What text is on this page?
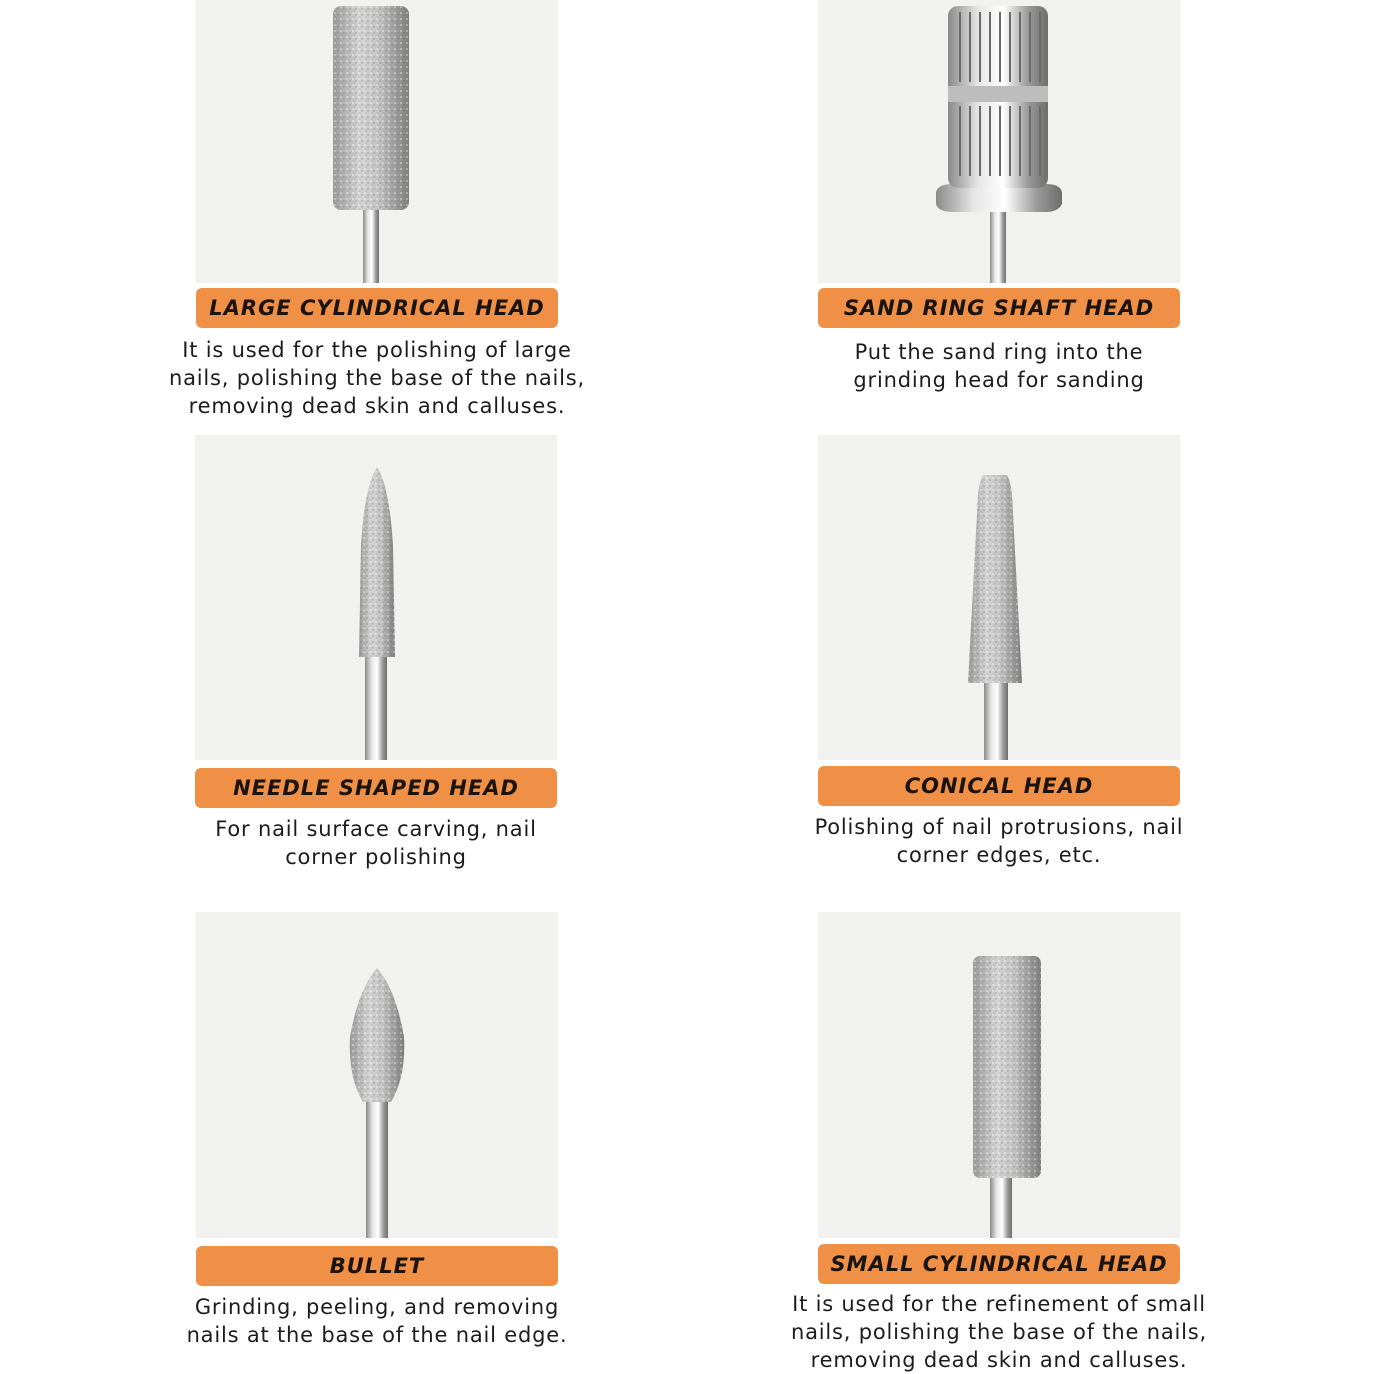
LARGE CYLINDRICAL HEAD
It is used for the polishing of large
nails, polishing the base of the nails,
removing dead skin and calluses.
SAND RING SHAFT HEAD
Put the sand ring into the
grinding head for sanding
NEEDLE SHAPED HEAD
For nail surface carving, nail
corner polishing
CONICAL HEAD
Polishing of nail protrusions, nail
corner edges, etc.
BULLET
Grinding, peeling, and removing
nails at the base of the nail edge.
SMALL CYLINDRICAL HEAD
It is used for the refinement of small
nails, polishing the base of the nails,
removing dead skin and calluses.
